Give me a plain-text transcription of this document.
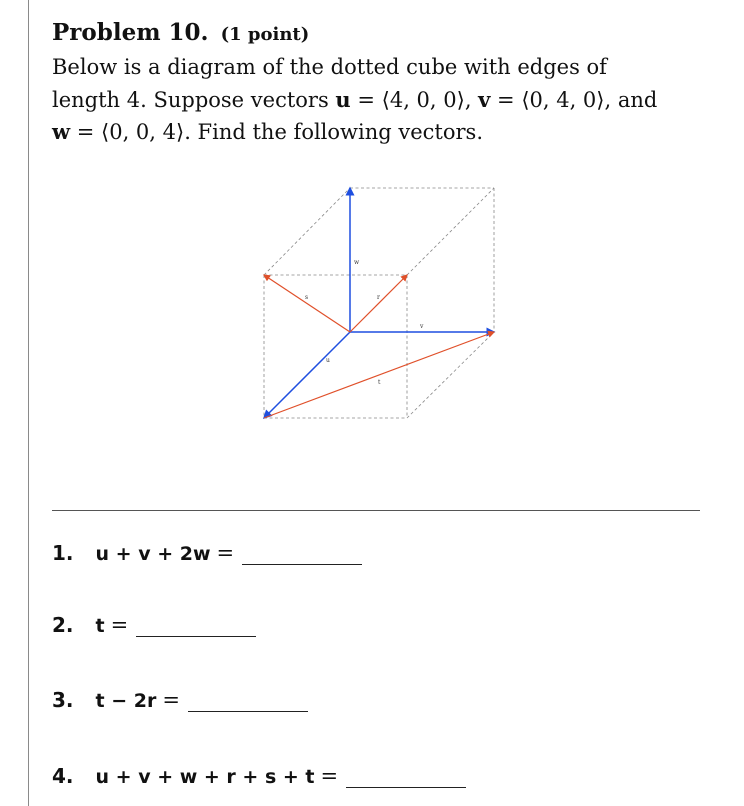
Problem 10. (1 point)

Below is a diagram of the dotted cube with edges of
length 4. Suppose vectors u = ⟨4, 0, 0⟩, v = ⟨0, 4, 0⟩, and
w = ⟨0, 0, 4⟩. Find the following vectors.

w
s	r
v
u
t
1. u + v + 2w =
2. t =
3. t − 2r =
4. u + v + w + r + s + t =
